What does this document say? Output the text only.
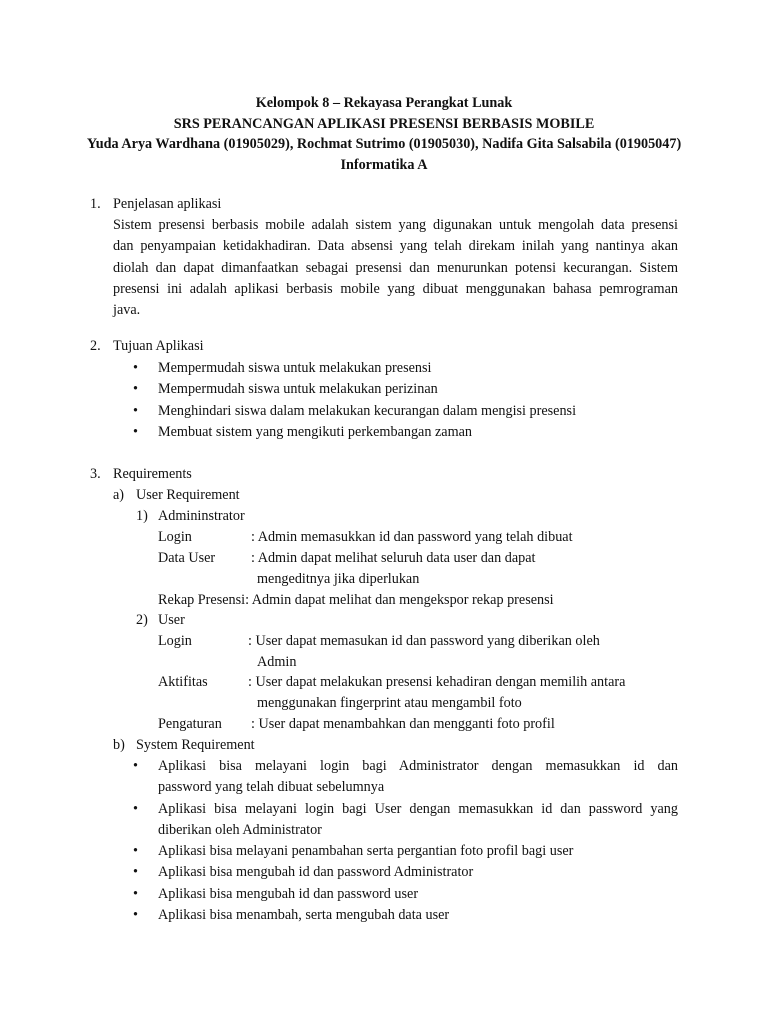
Kelompok 8 – Rekayasa Perangkat Lunak
SRS PERANCANGAN APLIKASI PRESENSI BERBASIS MOBILE
Yuda Arya Wardhana (01905029), Rochmat Sutrimo (01905030), Nadifa Gita Salsabila (01905047)
Informatika A
1. Penjelasan aplikasi
Sistem presensi berbasis mobile adalah sistem yang digunakan untuk mengolah data presensi
dan penyampaian ketidakhadiran. Data absensi yang telah direkam inilah yang nantinya akan
diolah dan dapat dimanfaatkan sebagai presensi dan menurunkan potensi kecurangan. Sistem
presensi ini adalah aplikasi berbasis mobile yang dibuat menggunakan bahasa pemrograman
java.
2. Tujuan Aplikasi
• Mempermudah siswa untuk melakukan presensi
• Mempermudah siswa untuk melakukan perizinan
• Menghindari siswa dalam melakukan kecurangan dalam mengisi presensi
• Membuat sistem yang mengikuti perkembangan zaman
3. Requirements
a) User Requirement
1) Admininstrator
Login	: Admin memasukkan id dan password yang telah dibuat
Data User	: Admin dapat melihat seluruh data user dan dapat
mengeditnya jika diperlukan
Rekap Presensi: Admin dapat melihat dan mengekspor rekap presensi
2) User
Login	: User dapat memasukan id dan password yang diberikan oleh
Admin
Aktifitas	: User dapat melakukan presensi kehadiran dengan memilih antara
menggunakan fingerprint atau mengambil foto
Pengaturan : User dapat menambahkan dan mengganti foto profil
b) System Requirement
• Aplikasi bisa melayani login bagi Administrator dengan memasukkan id dan
password yang telah dibuat sebelumnya
• Aplikasi bisa melayani login bagi User dengan memasukkan id dan password yang
diberikan oleh Administrator
• Aplikasi bisa melayani penambahan serta pergantian foto profil bagi user
• Aplikasi bisa mengubah id dan password Administrator
• Aplikasi bisa mengubah id dan password user
• Aplikasi bisa menambah, serta mengubah data user
